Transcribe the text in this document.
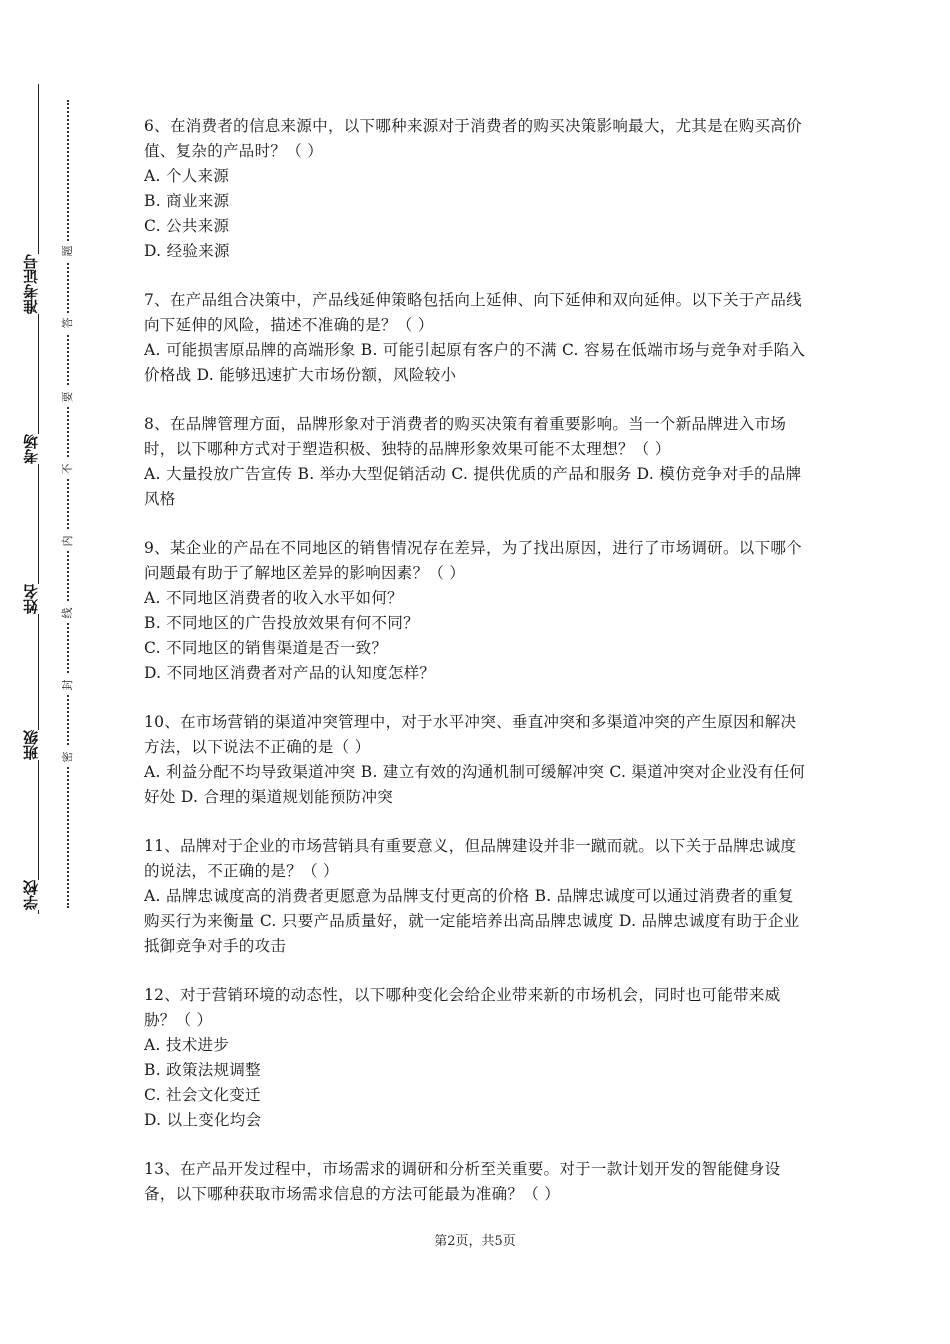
准考证号
考场
姓名
班级
学校
题
答
要
不
内
线
封
密

6、在消费者的信息来源中，以下哪种来源对于消费者的购买决策影响最大，尤其是在购买高价值、复杂的产品时？（ ）

A. 个人来源

B. 商业来源

C. 公共来源

D. 经验来源

7、在产品组合决策中，产品线延伸策略包括向上延伸、向下延伸和双向延伸。以下关于产品线向下延伸的风险，描述不准确的是？（ ）

A. 可能损害原品牌的高端形象 B. 可能引起原有客户的不满 C. 容易在低端市场与竞争对手陷入价格战 D. 能够迅速扩大市场份额，风险较小

8、在品牌管理方面，品牌形象对于消费者的购买决策有着重要影响。当一个新品牌进入市场时，以下哪种方式对于塑造积极、独特的品牌形象效果可能不太理想？（ ）

A. 大量投放广告宣传 B. 举办大型促销活动 C. 提供优质的产品和服务 D. 模仿竞争对手的品牌风格

9、某企业的产品在不同地区的销售情况存在差异，为了找出原因，进行了市场调研。以下哪个问题最有助于了解地区差异的影响因素？（ ）

A. 不同地区消费者的收入水平如何？

B. 不同地区的广告投放效果有何不同？

C. 不同地区的销售渠道是否一致？

D. 不同地区消费者对产品的认知度怎样？

10、在市场营销的渠道冲突管理中，对于水平冲突、垂直冲突和多渠道冲突的产生原因和解决方法，以下说法不正确的是（ ）

A. 利益分配不均导致渠道冲突 B. 建立有效的沟通机制可缓解冲突 C. 渠道冲突对企业没有任何好处 D. 合理的渠道规划能预防冲突

11、品牌对于企业的市场营销具有重要意义，但品牌建设并非一蹴而就。以下关于品牌忠诚度的说法，不正确的是？（ ）

A. 品牌忠诚度高的消费者更愿意为品牌支付更高的价格 B. 品牌忠诚度可以通过消费者的重复购买行为来衡量 C. 只要产品质量好，就一定能培养出高品牌忠诚度 D. 品牌忠诚度有助于企业抵御竞争对手的攻击

12、对于营销环境的动态性，以下哪种变化会给企业带来新的市场机会，同时也可能带来威胁？（ ）

A. 技术进步

B. 政策法规调整

C. 社会文化变迁

D. 以上变化均会

13、在产品开发过程中，市场需求的调研和分析至关重要。对于一款计划开发的智能健身设备，以下哪种获取市场需求信息的方法可能最为准确？（ ）

第2页，共5页
